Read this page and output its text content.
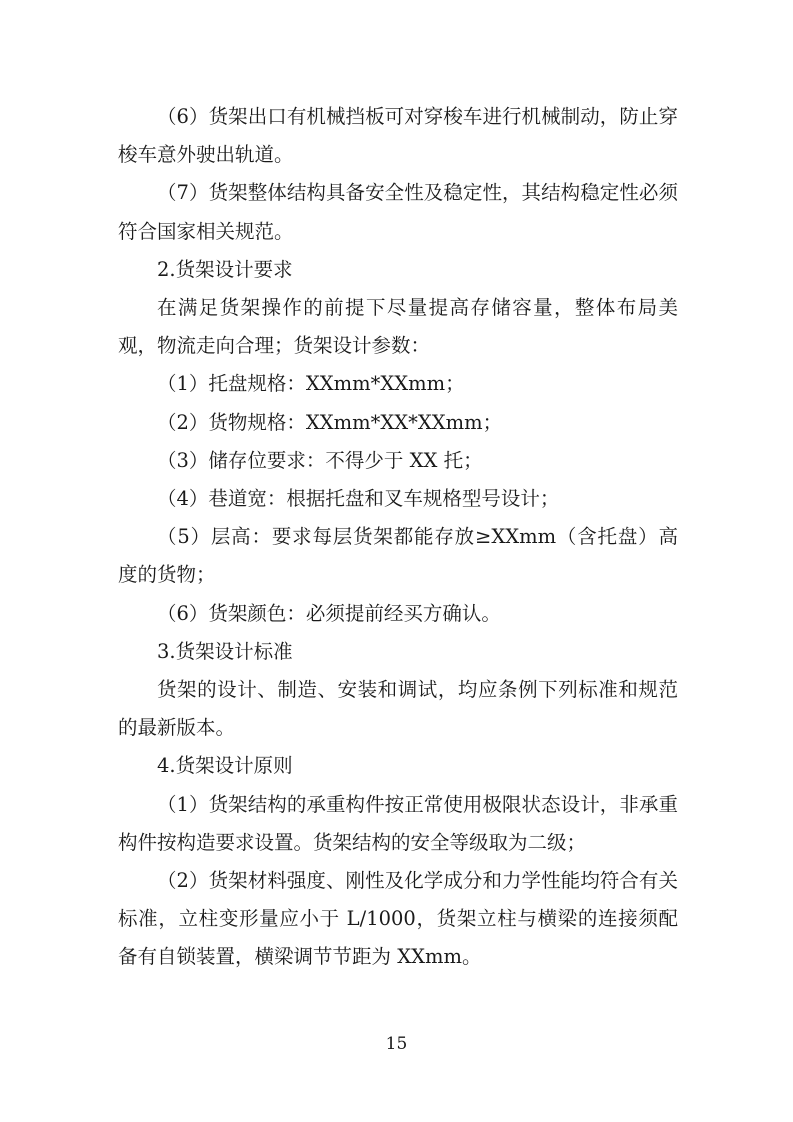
（6）货架出口有机械挡板可对穿梭车进行机械制动，防止穿梭车意外驶出轨道。

（7）货架整体结构具备安全性及稳定性，其结构稳定性必须符合国家相关规范。

2.货架设计要求

在满足货架操作的前提下尽量提高存储容量，整体布局美观，物流走向合理；货架设计参数：

（1）托盘规格：XXmm*XXmm；

（2）货物规格：XXmm*XX*XXmm；

（3）储存位要求：不得少于 XX 托；

（4）巷道宽：根据托盘和叉车规格型号设计；

（5）层高：要求每层货架都能存放≥XXmm（含托盘）高度的货物；

（6）货架颜色：必须提前经买方确认。

3.货架设计标准

货架的设计、制造、安装和调试，均应条例下列标准和规范的最新版本。

4.货架设计原则

（1）货架结构的承重构件按正常使用极限状态设计，非承重构件按构造要求设置。货架结构的安全等级取为二级；

（2）货架材料强度、刚性及化学成分和力学性能均符合有关标准，立柱变形量应小于 L/1000，货架立柱与横梁的连接须配备有自锁装置，横梁调节节距为 XXmm。

15
